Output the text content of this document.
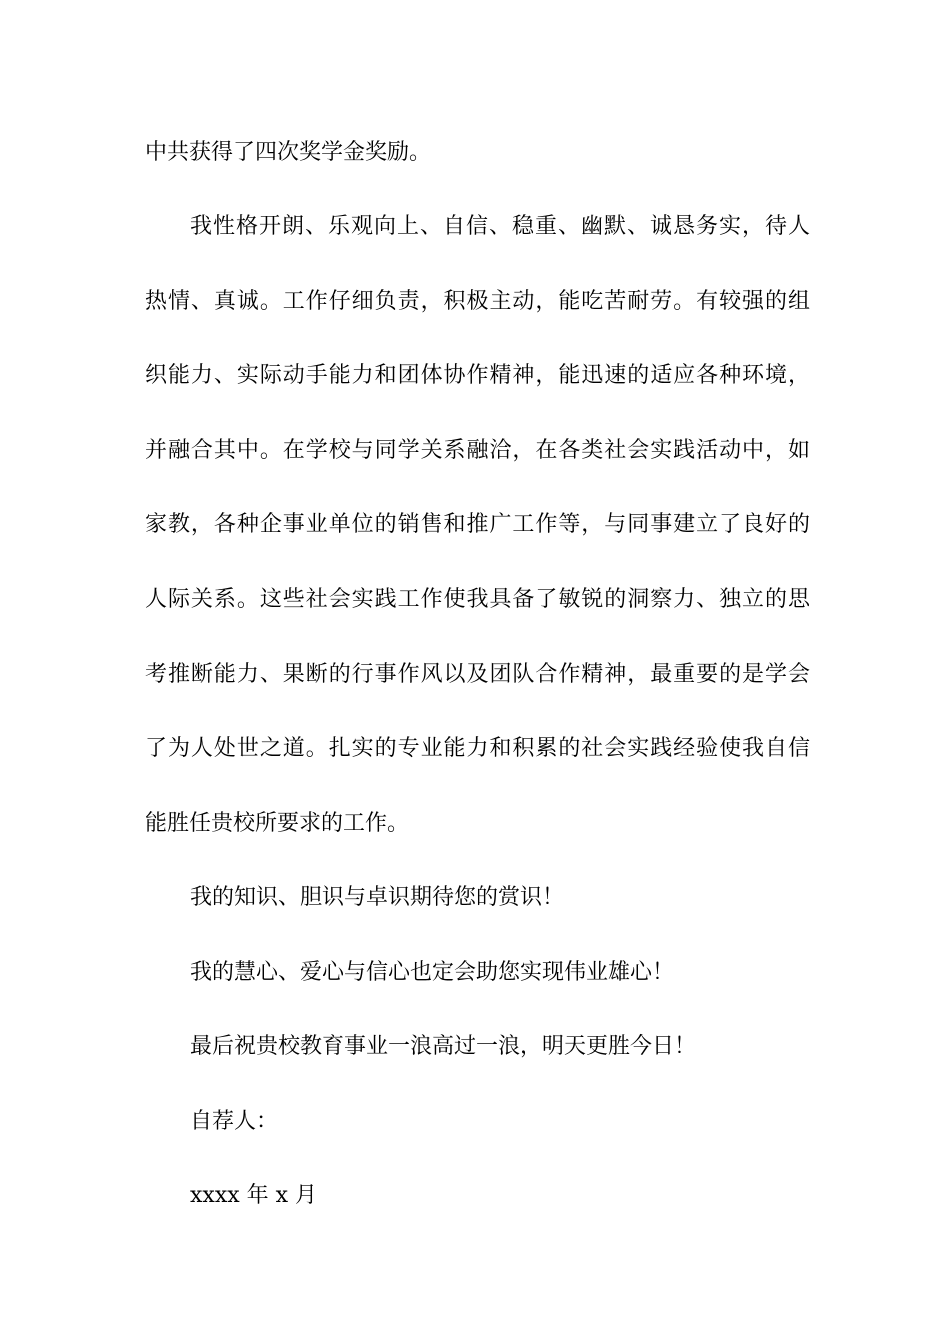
中共获得了四次奖学金奖励。
我性格开朗、乐观向上、自信、稳重、幽默、诚恳务实，待人
热情、真诚。工作仔细负责，积极主动，能吃苦耐劳。有较强的组
织能力、实际动手能力和团体协作精神，能迅速的适应各种环境，
并融合其中。在学校与同学关系融洽，在各类社会实践活动中，如
家教，各种企事业单位的销售和推广工作等，与同事建立了良好的
人际关系。这些社会实践工作使我具备了敏锐的洞察力、独立的思
考推断能力、果断的行事作风以及团队合作精神，最重要的是学会
了为人处世之道。扎实的专业能力和积累的社会实践经验使我自信
能胜任贵校所要求的工作。
我的知识、胆识与卓识期待您的赏识！
我的慧心、爱心与信心也定会助您实现伟业雄心！
最后祝贵校教育事业一浪高过一浪，明天更胜今日！
自荐人：
xxxx 年 x 月
